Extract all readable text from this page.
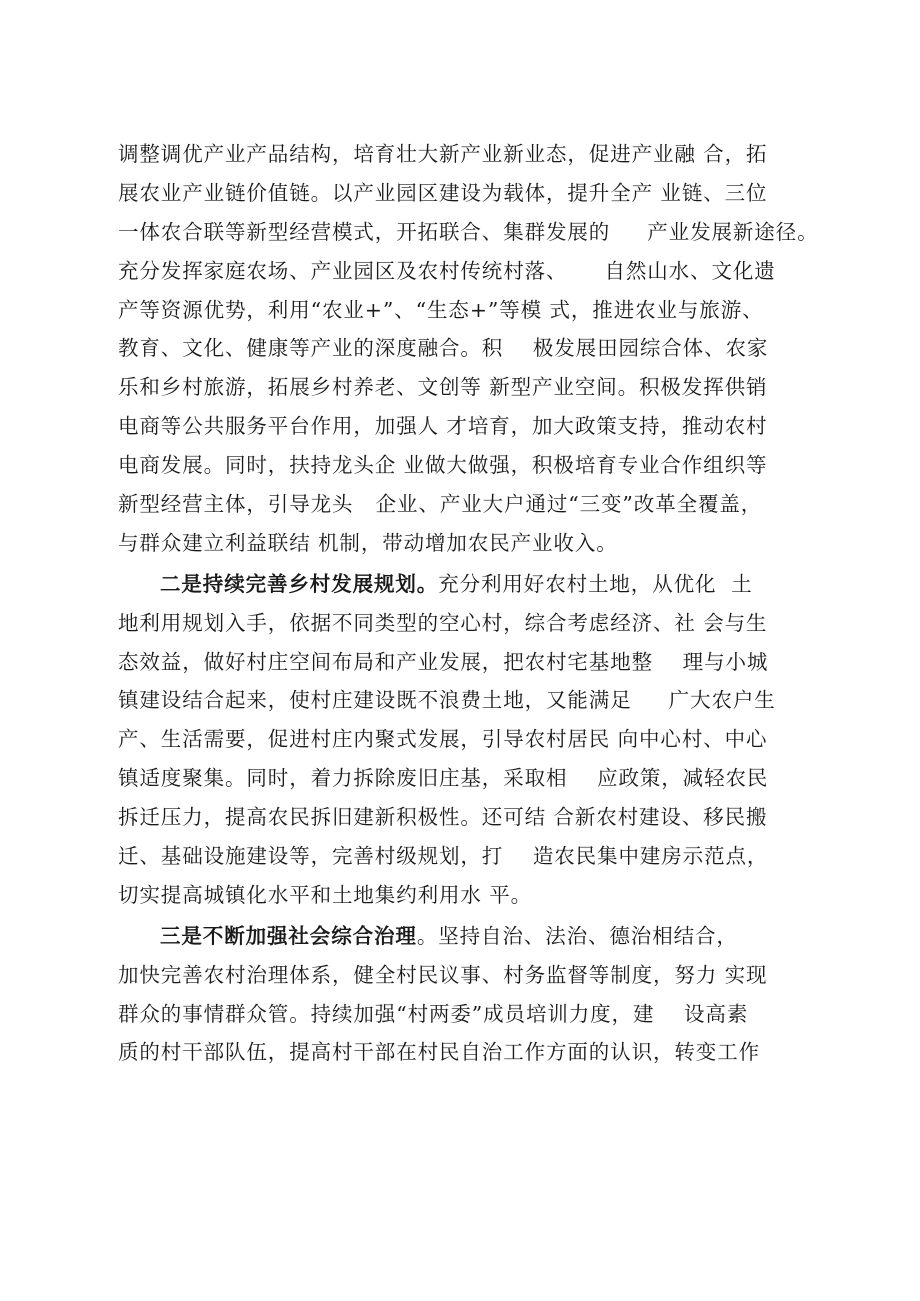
调整调优产业产品结构，培育壮大新产业新业态，促进产业融 合，拓
展农业产业链价值链。以产业园区建设为载体，提升全产 业链、三位
一体农合联等新型经营模式，开拓联合、集群发展的     产业发展新途径。
充分发挥家庭农场、产业园区及农村传统村落、     自然山水、文化遗
产等资源优势，利用“农业+”、“生态+”等模 式，推进农业与旅游、
教育、文化、健康等产业的深度融合。积    极发展田园综合体、农家
乐和乡村旅游，拓展乡村养老、文创等 新型产业空间。积极发挥供销
电商等公共服务平台作用，加强人 才培育，加大政策支持，推动农村
电商发展。同时，扶持龙头企 业做大做强，积极培育专业合作组织等
新型经营主体，引导龙头   企业、产业大户通过“三变”改革全覆盖，
与群众建立利益联结 机制，带动增加农民产业收入。
二是持续完善乡村发展规划。充分利用好农村土地，从优化  土
地利用规划入手，依据不同类型的空心村，综合考虑经济、社 会与生
态效益，做好村庄空间布局和产业发展，把农村宅基地整    理与小城
镇建设结合起来，使村庄建设既不浪费土地，又能满足     广大农户生
产、生活需要，促进村庄内聚式发展，引导农村居民 向中心村、中心
镇适度聚集。同时，着力拆除废旧庄基，采取相    应政策，减轻农民
拆迁压力，提高农民拆旧建新积极性。还可结 合新农村建设、移民搬
迁、基础设施建设等，完善村级规划，打    造农民集中建房示范点，
切实提高城镇化水平和土地集约利用水 平。
三是不断加强社会综合治理。坚持自治、法治、德治相结合，
加快完善农村治理体系，健全村民议事、村务监督等制度，努力 实现
群众的事情群众管。持续加强“村两委”成员培训力度，建    设高素
质的村干部队伍，提高村干部在村民自治工作方面的认识，转变工作
